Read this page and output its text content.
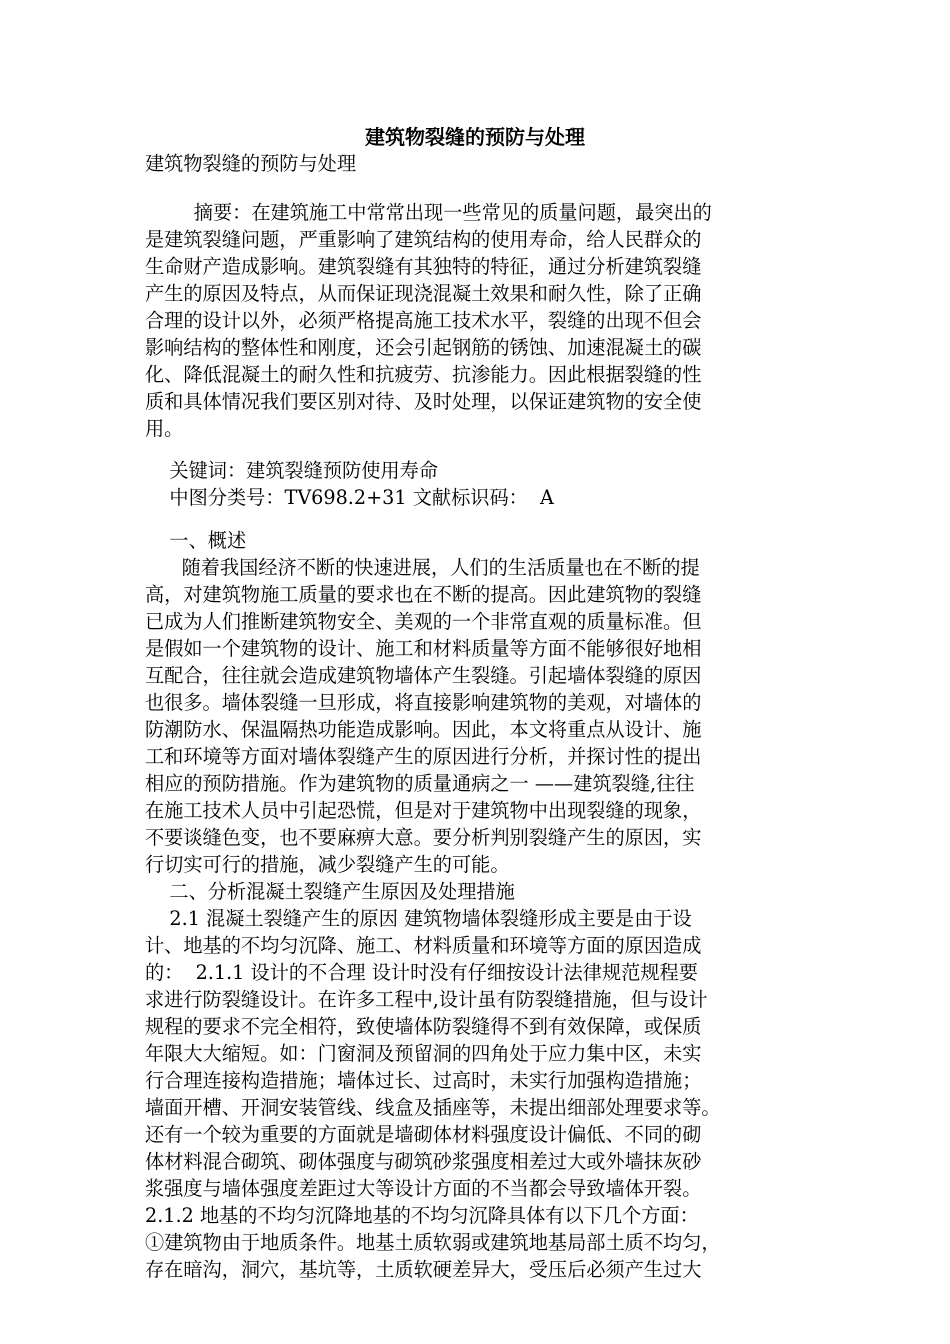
建筑物裂缝的预防与处理
建筑物裂缝的预防与处理
摘要：在建筑施工中常常出现一些常见的质量问题，最突出的
是建筑裂缝问题，严重影响了建筑结构的使用寿命，给人民群众的
生命财产造成影响。建筑裂缝有其独特的特征，通过分析建筑裂缝
产生的原因及特点，从而保证现浇混凝土效果和耐久性，除了正确
合理的设计以外，必须严格提高施工技术水平，裂缝的出现不但会
影响结构的整体性和刚度，还会引起钢筋的锈蚀、加速混凝土的碳
化、降低混凝土的耐久性和抗疲劳、抗渗能力。因此根据裂缝的性
质和具体情况我们要区别对待、及时处理，以保证建筑物的安全使
用。
关键词：建筑裂缝预防使用寿命
中图分类号：TV698.2+31 文献标识码：  A
一、概述
随着我国经济不断的快速进展，人们的生活质量也在不断的提
高，对建筑物施工质量的要求也在不断的提高。因此建筑物的裂缝
已成为人们推断建筑物安全、美观的一个非常直观的质量标准。但
是假如一个建筑物的设计、施工和材料质量等方面不能够很好地相
互配合，往往就会造成建筑物墙体产生裂缝。引起墙体裂缝的原因
也很多。墙体裂缝一旦形成，将直接影响建筑物的美观，对墙体的
防潮防水、保温隔热功能造成影响。因此，本文将重点从设计、施
工和环境等方面对墙体裂缝产生的原因进行分析，并探讨性的提出
相应的预防措施。作为建筑物的质量通病之一 ——建筑裂缝,往往
在施工技术人员中引起恐慌，但是对于建筑物中出现裂缝的现象，
不要谈缝色变，也不要麻痹大意。要分析判别裂缝产生的原因，实
行切实可行的措施，减少裂缝产生的可能。
二、分析混凝土裂缝产生原因及处理措施
2.1 混凝土裂缝产生的原因 建筑物墙体裂缝形成主要是由于设
计、地基的不均匀沉降、施工、材料质量和环境等方面的原因造成
的：  2.1.1 设计的不合理 设计时没有仔细按设计法律规范规程要
求进行防裂缝设计。在许多工程中,设计虽有防裂缝措施，但与设计
规程的要求不完全相符，致使墙体防裂缝得不到有效保障，或保质
年限大大缩短。如：门窗洞及预留洞的四角处于应力集中区，未实
行合理连接构造措施；墙体过长、过高时，未实行加强构造措施；
墙面开槽、开洞安装管线、线盒及插座等，未提出细部处理要求等。
还有一个较为重要的方面就是墙砌体材料强度设计偏低、不同的砌
体材料混合砌筑、砌体强度与砌筑砂浆强度相差过大或外墙抹灰砂
浆强度与墙体强度差距过大等设计方面的不当都会导致墙体开裂。
2.1.2 地基的不均匀沉降地基的不均匀沉降具体有以下几个方面：
①建筑物由于地质条件。地基土质软弱或建筑地基局部土质不均匀，
存在暗沟，洞穴，基坑等，土质软硬差异大，受压后必须产生过大
